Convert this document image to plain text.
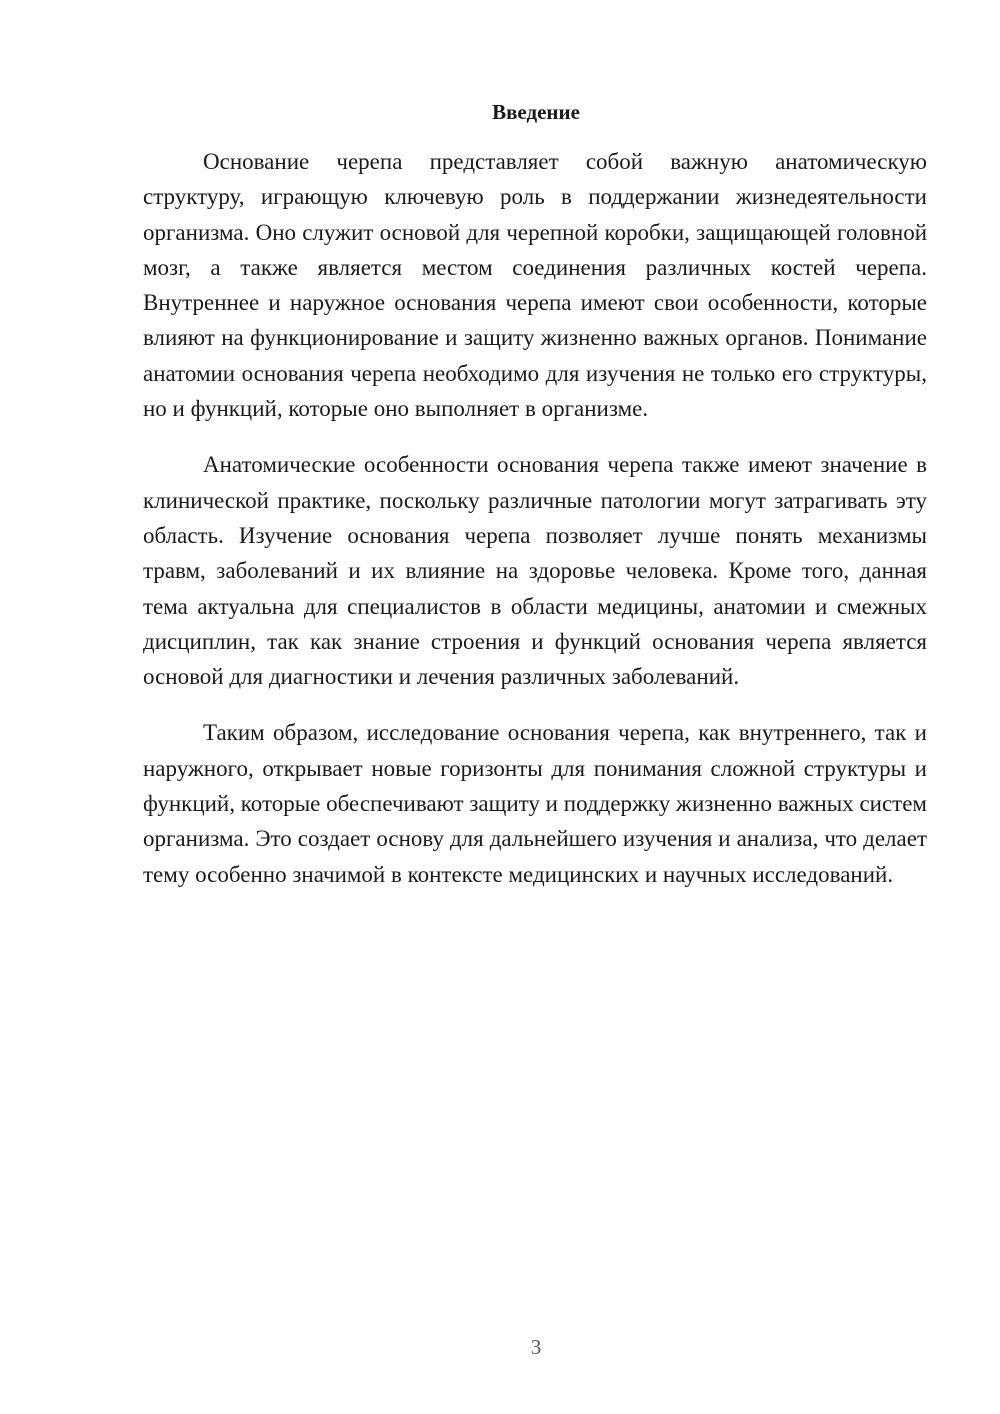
Введение

Основание черепа представляет собой важную анатомическую структуру, играющую ключевую роль в поддержании жизнедеятельности организма. Оно служит основой для черепной коробки, защищающей головной мозг, а также является местом соединения различных костей черепа. Внутреннее и наружное основания черепа имеют свои особенности, которые влияют на функционирование и защиту жизненно важных органов. Понимание анатомии основания черепа необходимо для изучения не только его структуры, но и функций, которые оно выполняет в организме.

Анатомические особенности основания черепа также имеют значение в клинической практике, поскольку различные патологии могут затрагивать эту область. Изучение основания черепа позволяет лучше понять механизмы травм, заболеваний и их влияние на здоровье человека. Кроме того, данная тема актуальна для специалистов в области медицины, анатомии и смежных дисциплин, так как знание строения и функций основания черепа является основой для диагностики и лечения различных заболеваний.

Таким образом, исследование основания черепа, как внутреннего, так и наружного, открывает новые горизонты для понимания сложной структуры и функций, которые обеспечивают защиту и поддержку жизненно важных систем организма. Это создает основу для дальнейшего изучения и анализа, что делает тему особенно значимой в контексте медицинских и научных исследований.

3
